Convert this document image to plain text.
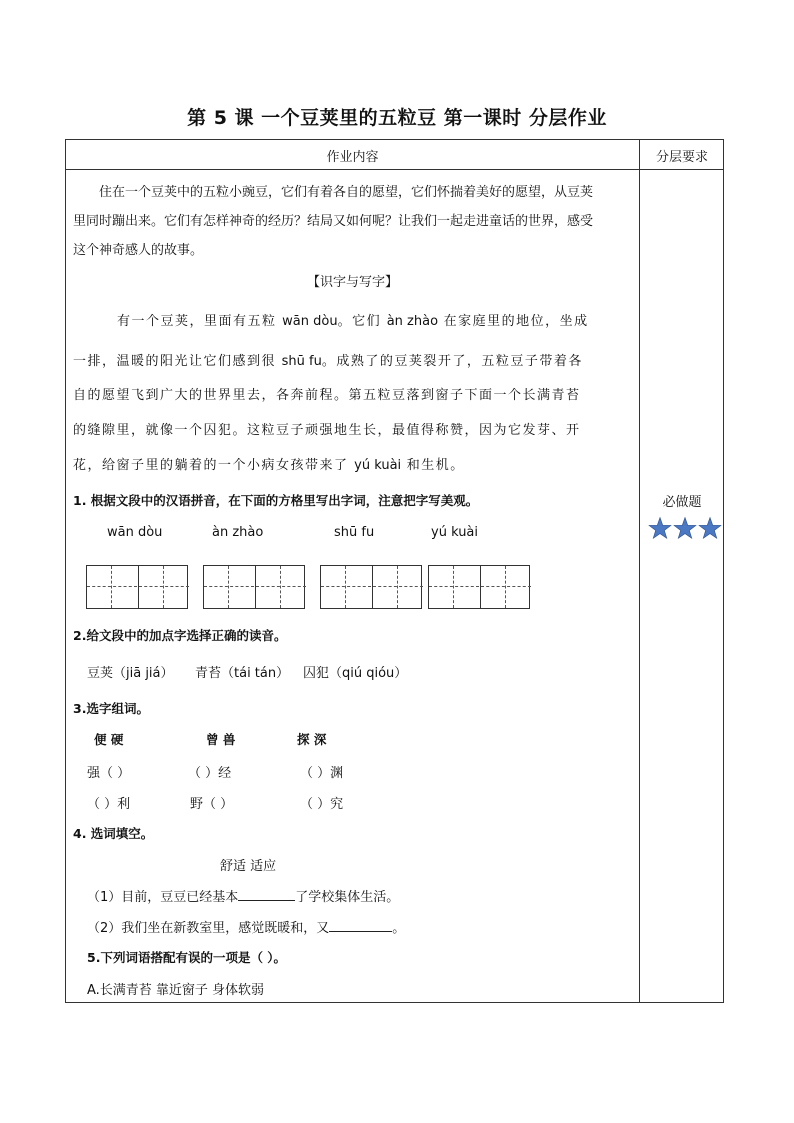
第 5 课 一个豆荚里的五粒豆 第一课时 分层作业
作业内容	分层要求
住在一个豆荚中的五粒小豌豆，它们有着各自的愿望，它们怀揣着美好的愿望，从豆荚
里同时蹦出来。它们有怎样神奇的经历？结局又如何呢？让我们一起走进童话的世界，感受
这个神奇感人的故事。
【识字与写字】
有一个豆荚，里面有五粒 wān dòu。它们 àn zhào 在家庭里的地位，坐成
一排，温暖的阳光让它们感到很 shū fu。成熟了的豆荚裂开了，五粒豆子带着各
自的愿望飞到广大的世界里去，各奔前程。第五粒豆落到窗子下面一个长满青苔
的缝隙里，就像一个囚犯。这粒豆子顽强地生长，最值得称赞，因为它发芽、开
花，给窗子里的躺着的一个小病女孩带来了 yú kuài 和生机。
1. 根据文段中的汉语拼音，在下面的方格里写出字词，注意把字写美观。
wān dòu	àn zhào	shū fu	yú kuài
2.给文段中的加点字选择正确的读音。
豆荚（jiā jiá） 青苔（tái tán） 囚犯（qiú qióu）
3.选字组词。
便 硬	曾 兽	探 深
强（ ）	（ ）经	（ ）渊
（ ）利	野（ ）	（ ）究
4. 选词填空。
舒适 适应
（1）目前，豆豆已经基本	了学校集体生活。
（2）我们坐在新教室里，感觉既暖和，又	。
5.下列词语搭配有误的一项是（ ）。
A.长满青苔 靠近窗子 身体软弱
必做题
